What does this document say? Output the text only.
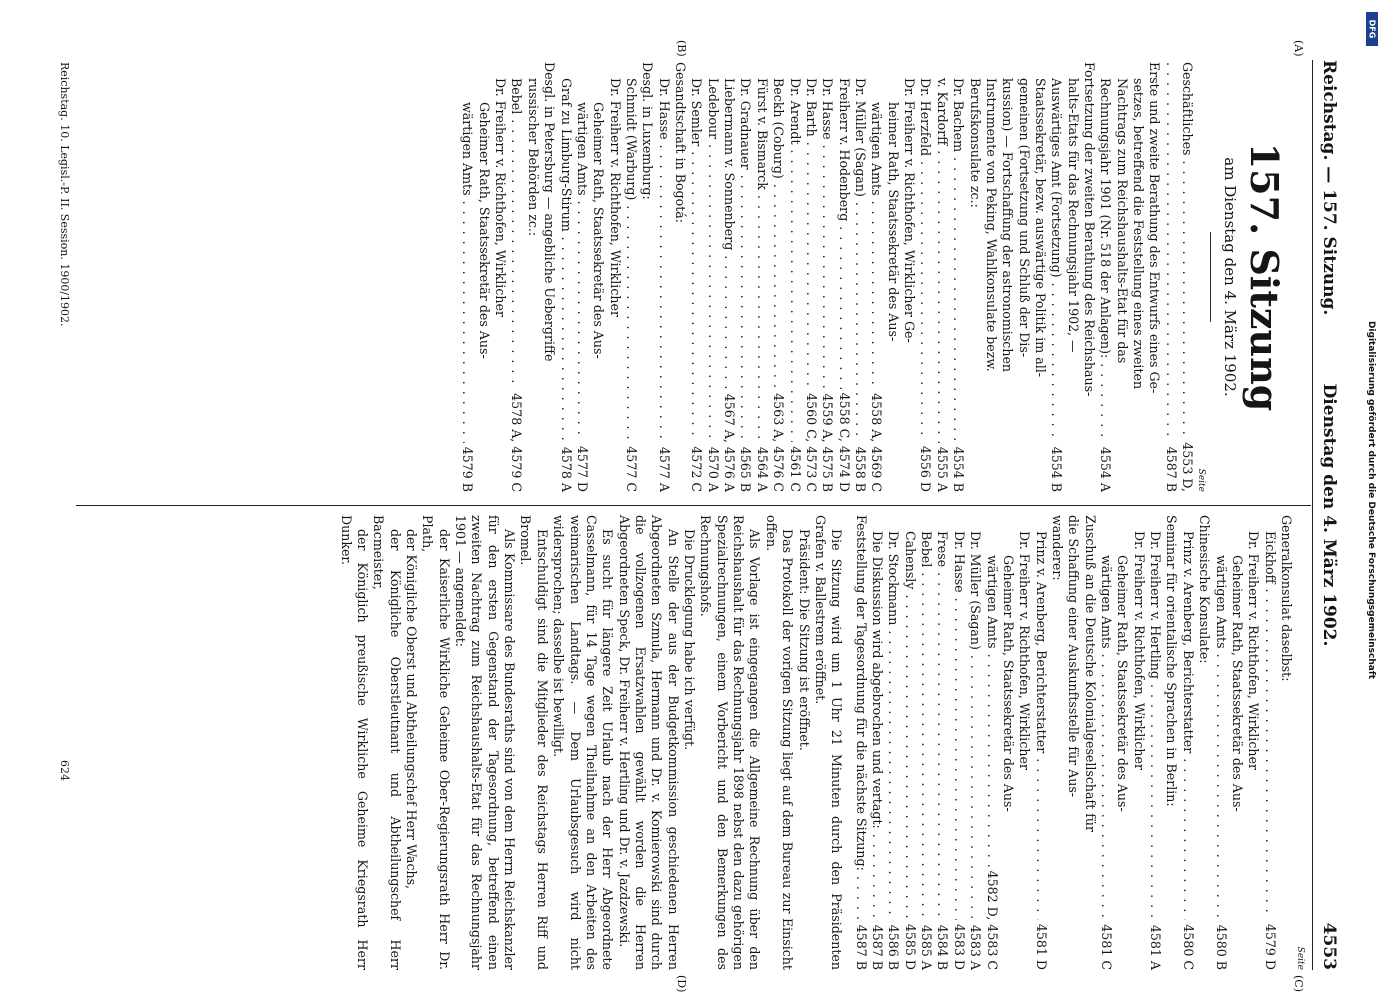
Reichstag. — 157. Sitzung.
Dienstag den 4. März 1902.
4553
(A)
(B)
(C)
(D)
157. Sitzung
am Dienstag den 4. März 1902.
Seite
Geschäftliches . . .
4553 D,
. . .
4587 B
Erste und zweite Berathung des Entwurfs eines Ge-
setzes, betreffend die Feststellung eines zweiten
Nachtrags zum Reichshaushalts-Etat für das
Rechnungsjahr 1901 (Nr. 518 der Anlagen): . . .
4554 A
Fortsetzung der zweiten Berathung des Reichshaus-
halts-Etats für das Rechnungsjahr 1902, —
Auswärtiges Amt (Fortsetzung) . . .
4554 B
Staatssekretär, bezw. auswärtige Politik im all-
gemeinen (Fortsetzung und Schluß der Dis-
kussion) — Fortschaffung der astronomischen
Instrumente von Peking, Wahlkonsulate bezw.
Berufskonsulate zc.:
Dr. Bachem . . .
4554 B
v. Kardorff . . .
4555 A
Dr. Herzfeld . . .
4556 D
Dr. Freiherr v. Richthofen, Wirklicher Ge-
heimer Rath, Staatssekretär des Aus-
wärtigen Amts . . .
4558 A, 4569 C
Dr. Müller (Sagan) . . .
4558 B
Freiherr v. Hodenberg . . .
4558 C, 4574 D
Dr. Hasse . . .
4559 A, 4575 B
Dr. Barth . . .
4560 C, 4573 C
Dr. Arendt . . .
4561 C
Beckh (Coburg) . . .
4563 A, 4576 C
Fürst v. Bismarck . . .
4564 A
Dr. Gradnauer . . .
4565 B
Liebermann v. Sonnenberg . . .
4567 A, 4576 A
Ledebour . . .
4570 A
Dr. Semler . . .
4572 C
Gesandtschaft in Bogotá:
Dr. Hasse . . .
4577 A
Desgl. in Luxemburg:
Schmidt (Warburg) . . .
4577 C
Dr. Freiherr v. Richthofen, Wirklicher
Geheimer Rath, Staatssekretär des Aus-
wärtigen Amts . . .
4577 D
Graf zu Limburg-Stirum . . .
4578 A
Desgl. in Petersburg — angebliche Uebergriffe
russischer Behörden zc.:
Bebel . . .
4578 A, 4579 C
Dr. Freiherr v. Richthofen, Wirklicher
Geheimer Rath, Staatssekretär des Aus-
wärtigen Amts . . .
4579 B
Seite
Generalkonsulat daselbst:
Eickhoff . . .
4579 D
Dr. Freiherr v. Richthofen, Wirklicher
Geheimer Rath, Staatssekretär des Aus-
wärtigen Amts . . .
4580 B
Chinesische Konsulate:
Prinz v. Arenberg, Berichterstatter . . .
4580 C
Seminar für orientalische Sprachen in Berlin:
Dr. Freiherr v. Hertling . . .
4581 A
Dr. Freiherr v. Richthofen, Wirklicher
Geheimer Rath, Staatssekretär des Aus-
wärtigen Amts . . .
4581 C
Zuschuß an die Deutsche Kolonialgesellschaft für
die Schaffung einer Auskunftsstelle für Aus-
wanderer:
Prinz v. Arenberg, Berichterstatter . . .
4581 D
Dr. Freiherr v. Richthofen, Wirklicher
Geheimer Rath, Staatssekretär des Aus-
wärtigen Amts . . .
4582 D, 4583 C
Dr. Müller (Sagan) . . .
4583 A
Dr. Hasse . . .
4583 D
Frese . . .
4584 B
Bebel . . .
4585 A
Cahensly . . .
4585 D
Dr. Stockmann . . .
4586 B
Die Diskussion wird abgebrochen und vertagt: . . .
4587 B
Feststellung der Tagesordnung für die nächste Sitzung: . . .
4587 B
Die Sitzung wird um 1 Uhr 21 Minuten durch den Präsidenten Grafen v. Ballestrem eröffnet.
Präsident: Die Sitzung ist eröffnet.
Das Protokoll der vorigen Sitzung liegt auf dem Bureau zur Einsicht offen.
Als Vorlage ist eingegangen die Allgemeine Rechnung über den Reichshaushalt für das Rechnungsjahr 1898 nebst den dazu gehörigen Spezialrechnungen, einem Vorbericht und den Bemerkungen des Rechnungshofs.
Die Drucklegung habe ich verfügt.
An Stelle der aus der Budgetkommission geschiedenen Herren Abgeordneten Szmula, Hermann und Dr. v. Komierowski sind durch die vollzogenen Ersatzwahlen gewählt worden die Herren Abgeordneten Speck, Dr. Freiherr v. Hertling und Dr. v. Jazdzewski.
Es sucht für längere Zeit Urlaub nach der Herr Abgeordnete Casselmann, für 14 Tage wegen Theilnahme an den Arbeiten des weimarischen Landtags. — Dem Urlaubsgesuch wird nicht widersprochen; dasselbe ist bewilligt.
Entschuldigt sind die Mitglieder des Reichstags Herren Riff und Bromel.
Als Kommissare des Bundesraths sind von dem Herrn Reichskanzler für den ersten Gegenstand der Tagesordnung, betreffend einen zweiten Nachtrag zum Reichshaushalts-Etat für das Rechnungsjahr 1901 — angemeldet:
der Kaiserliche Wirkliche Geheime Ober-Regierungsrath Herr Dr. Plath,
der Königliche Oberst und Abtheilungschef Herr Wachs,
der Königliche Oberstleutnant und Abtheilungschef Herr Bacmeister,
der Königlich preußische Wirkliche Geheime Kriegsrath Herr Dunker.
Reichstag. 10. Legisl.-P. II. Session. 1900/1902.
624
DFG
Digitalisierung gefördert durch die Deutsche Forschungsgemeinschaft
